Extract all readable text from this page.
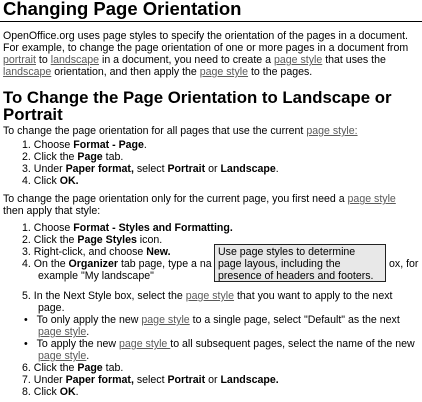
Changing Page Orientation
OpenOffice.org uses page styles to specify the orientation of the pages in a document.
For example, to change the page orientation of one or more pages in a document from
portrait to landscape in a document, you need to create a page style that uses the
landscape orientation, and then apply the page style to the pages.
To Change the Page Orientation to Landscape or
Portrait
To change the page orientation for all pages that use the current page style:
1. Choose Format - Page.
2. Click the Page tab.
3. Under Paper format, select Portrait or Landscape.
4. Click OK.
To change the page orientation only for the current page, you first need a page style
then apply that style:
1. Choose Format - Styles and Formatting.
2. Click the Page Styles icon.
3. Right-click, and choose New.
4. On the Organizer tab page, type a na	ox, for
example "My landscape"
5. In the Next Style box, select the page style that you want to apply to the next
page.
• To only apply the new page style to a single page, select "Default" as the next
page style.
• To apply the new page style to all subsequent pages, select the name of the new
page style.
6. Click the Page tab.
7. Under Paper format, select Portrait or Landscape.
8. Click OK.
Use page styles to determine
page layous, including the
presence of headers and footers.
